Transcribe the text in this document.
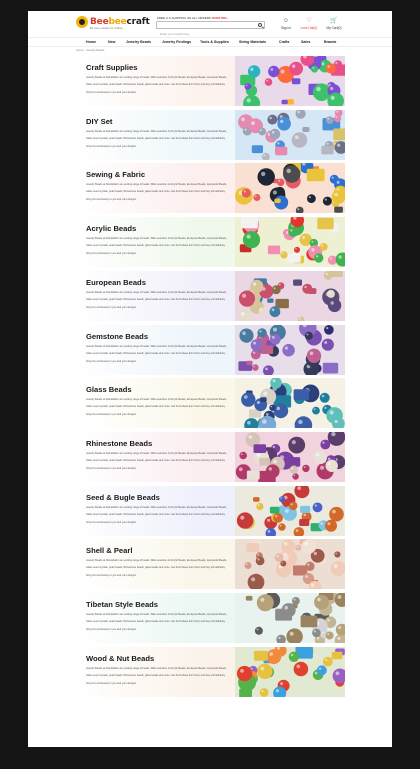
Beebeecraft
Be more creative for crafting
FREE U.S.SHIPPING ON ALL ORDERS OVER $55+
Enter your search key	☺
Sign in
♡
Love List(0)
🛒
My Cart(0)
Home	New	Jewelry Beads	Jewelry Findings Tools & Supplies	String Materials	Crafts	Sales	Brands
Home/Jewelry Beads
Craft Supplies
Jewelry Beads at Pandahall is an exciting range of beads. Wide selection of Acrylic Beads, European Beads, Lampwork Beads,
Glass seed crystals, pearl beads, Rhinestone beads, glass beads and more. Get fresh ideas from them and they will definitely
bring fun and beauty to you and your designs.
DIY Set
Jewelry Beads at Pandahall is an exciting range of beads. Wide selection of Acrylic Beads, European Beads, Lampwork Beads,
Glass seed crystals, pearl beads, Rhinestone beads, glass beads and more. Get fresh ideas from them and they will definitely
bring fun and beauty to you and your designs.
Sewing & Fabric
Jewelry Beads at Pandahall is an exciting range of beads. Wide selection of Acrylic Beads, European Beads, Lampwork Beads,
Glass seed crystals, pearl beads, Rhinestone beads, glass beads and more. Get fresh ideas from them and they will definitely
bring fun and beauty to you and your designs.
Acrylic Beads
Jewelry Beads at Pandahall is an exciting range of beads. Wide selection of Acrylic Beads, European Beads, Lampwork Beads,
Glass seed crystals, pearl beads, Rhinestone beads, glass beads and more. Get fresh ideas from them and they will definitely
bring fun and beauty to you and your designs.
European Beads
Jewelry Beads at Pandahall is an exciting range of beads. Wide selection of Acrylic Beads, European Beads, Lampwork Beads,
Glass seed crystals, pearl beads, Rhinestone beads, glass beads and more. Get fresh ideas from them and they will definitely
bring fun and beauty to you and your designs.
Gemstone Beads
Jewelry Beads at Pandahall is an exciting range of beads. Wide selection of Acrylic Beads, European Beads, Lampwork Beads,
Glass seed crystals, pearl beads, Rhinestone beads, glass beads and more. Get fresh ideas from them and they will definitely
bring fun and beauty to you and your designs.
Glass Beads
Jewelry Beads at Pandahall is an exciting range of beads. Wide selection of Acrylic Beads, European Beads, Lampwork Beads,
Glass seed crystals, pearl beads, Rhinestone beads, glass beads and more. Get fresh ideas from them and they will definitely
bring fun and beauty to you and your designs.
Rhinestone Beads
Jewelry Beads at Pandahall is an exciting range of beads. Wide selection of Acrylic Beads, European Beads, Lampwork Beads,
Glass seed crystals, pearl beads, Rhinestone beads, glass beads and more. Get fresh ideas from them and they will definitely
bring fun and beauty to you and your designs.
Seed & Bugle Beads
Jewelry Beads at Pandahall is an exciting range of beads. Wide selection of Acrylic Beads, European Beads, Lampwork Beads,
Glass seed crystals, pearl beads, Rhinestone beads, glass beads and more. Get fresh ideas from them and they will definitely
bring fun and beauty to you and your designs.
Shell & Pearl
Jewelry Beads at Pandahall is an exciting range of beads. Wide selection of Acrylic Beads, European Beads, Lampwork Beads,
Glass seed crystals, pearl beads, Rhinestone beads, glass beads and more. Get fresh ideas from them and they will definitely
bring fun and beauty to you and your designs.
Tibetan Style Beads
Jewelry Beads at Pandahall is an exciting range of beads. Wide selection of Acrylic Beads, European Beads, Lampwork Beads,
Glass seed crystals, pearl beads, Rhinestone beads, glass beads and more. Get fresh ideas from them and they will definitely
bring fun and beauty to you and your designs.
Wood & Nut Beads
Jewelry Beads at Pandahall is an exciting range of beads. Wide selection of Acrylic Beads, European Beads, Lampwork Beads,
Glass seed crystals, pearl beads, Rhinestone beads, glass beads and more. Get fresh ideas from them and they will definitely
bring fun and beauty to you and your designs.
